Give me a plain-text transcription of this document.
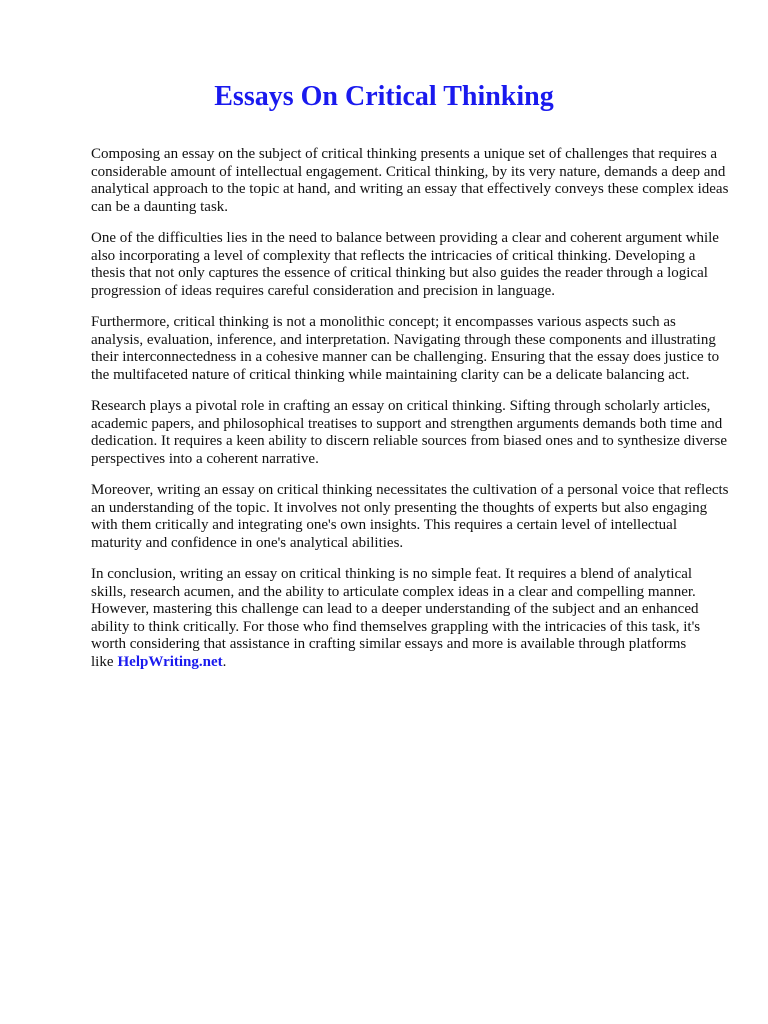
Essays On Critical Thinking

Composing an essay on the subject of critical thinking presents a unique set of challenges that requires a considerable amount of intellectual engagement. Critical thinking, by its very nature, demands a deep and analytical approach to the topic at hand, and writing an essay that effectively conveys these complex ideas can be a daunting task.

One of the difficulties lies in the need to balance between providing a clear and coherent argument while also incorporating a level of complexity that reflects the intricacies of critical thinking. Developing a thesis that not only captures the essence of critical thinking but also guides the reader through a logical progression of ideas requires careful consideration and precision in language.

Furthermore, critical thinking is not a monolithic concept; it encompasses various aspects such as analysis, evaluation, inference, and interpretation. Navigating through these components and illustrating their interconnectedness in a cohesive manner can be challenging. Ensuring that the essay does justice to the multifaceted nature of critical thinking while maintaining clarity can be a delicate balancing act.

Research plays a pivotal role in crafting an essay on critical thinking. Sifting through scholarly articles, academic papers, and philosophical treatises to support and strengthen arguments demands both time and dedication. It requires a keen ability to discern reliable sources from biased ones and to synthesize diverse perspectives into a coherent narrative.

Moreover, writing an essay on critical thinking necessitates the cultivation of a personal voice that reflects an understanding of the topic. It involves not only presenting the thoughts of experts but also engaging with them critically and integrating one's own insights. This requires a certain level of intellectual maturity and confidence in one's analytical abilities.

In conclusion, writing an essay on critical thinking is no simple feat. It requires a blend of analytical skills, research acumen, and the ability to articulate complex ideas in a clear and compelling manner. However, mastering this challenge can lead to a deeper understanding of the subject and an enhanced ability to think critically. For those who find themselves grappling with the intricacies of this task, it's worth considering that assistance in crafting similar essays and more is available through platforms like HelpWriting.net.
